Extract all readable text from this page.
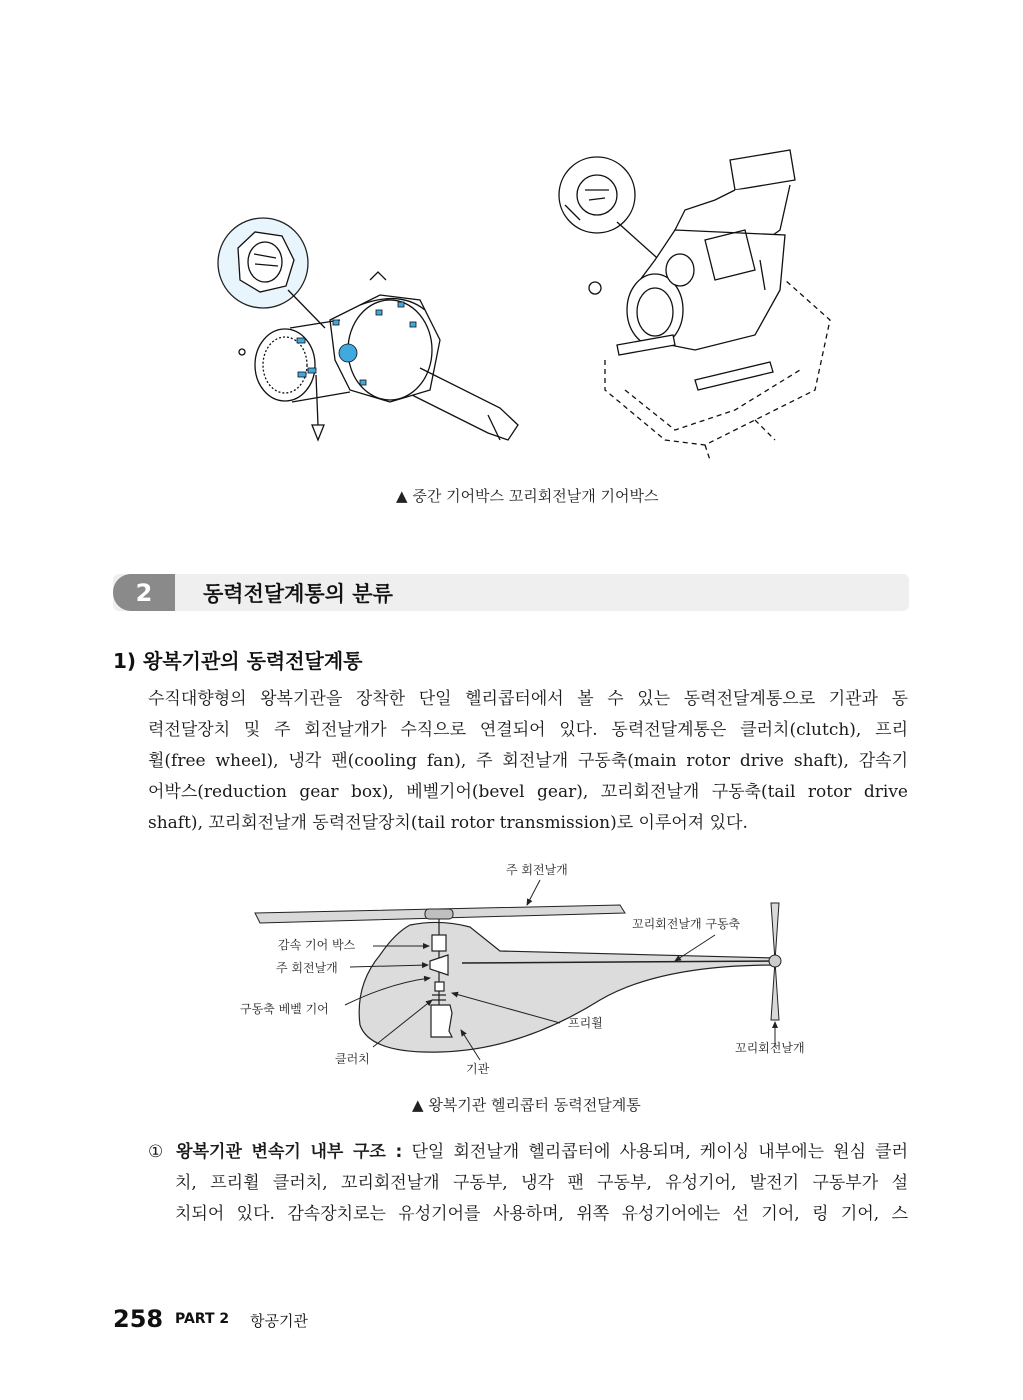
▲ 중간 기어박스 꼬리회전날개 기어박스
2	동력전달계통의 분류
1) 왕복기관의 동력전달계통
수직대향형의 왕복기관을 장착한 단일 헬리콥터에서 볼 수 있는 동력전달계통으로 기관과 동
력전달장치 및 주 회전날개가 수직으로 연결되어 있다. 동력전달계통은 클러치(clutch), 프리
휠(free wheel), 냉각 팬(cooling fan), 주 회전날개 구동축(main rotor drive shaft), 감속기
어박스(reduction gear box), 베벨기어(bevel gear), 꼬리회전날개 구동축(tail rotor drive
shaft), 꼬리회전날개 동력전달장치(tail rotor transmission)로 이루어져 있다.
주 회전날개
꼬리회전날개 구동축
감속 기어 박스
주 회전날개
구동축 베벨 기어
프리휠
꼬리회전날개
클러치
기관
▲ 왕복기관 헬리콥터 동력전달계통
① 왕복기관 변속기 내부 구조 : 단일 회전날개 헬리콥터에 사용되며, 케이싱 내부에는 원심 클러
치, 프리휠 클러치, 꼬리회전날개 구동부, 냉각 팬 구동부, 유성기어, 발전기 구동부가 설
치되어 있다. 감속장치로는 유성기어를 사용하며, 위쪽 유성기어에는 선 기어, 링 기어, 스
258 PART 2 항공기관
